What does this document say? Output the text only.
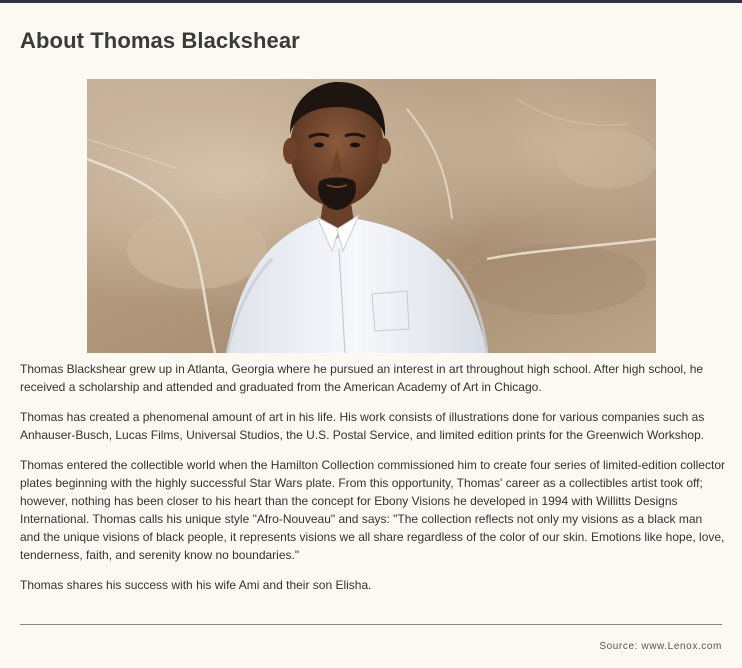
About Thomas Blackshear

Thomas Blackshear grew up in Atlanta, Georgia where he pursued an interest in art throughout high school. After high school, he received a scholarship and attended and graduated from the American Academy of Art in Chicago.

Thomas has created a phenomenal amount of art in his life. His work consists of illustrations done for various companies such as Anhauser-Busch, Lucas Films, Universal Studios, the U.S. Postal Service, and limited edition prints for the Greenwich Workshop.

Thomas entered the collectible world when the Hamilton Collection commissioned him to create four series of limited-edition collector plates beginning with the highly successful Star Wars plate. From this opportunity, Thomas' career as a collectibles artist took off; however, nothing has been closer to his heart than the concept for Ebony Visions he developed in 1994 with Willitts Designs International. Thomas calls his unique style "Afro-Nouveau" and says: "The collection reflects not only my visions as a black man and the unique visions of black people, it represents visions we all share regardless of the color of our skin. Emotions like hope, love, tenderness, faith, and serenity know no boundaries."

Thomas shares his success with his wife Ami and their son Elisha.

Source: www.Lenox.com
